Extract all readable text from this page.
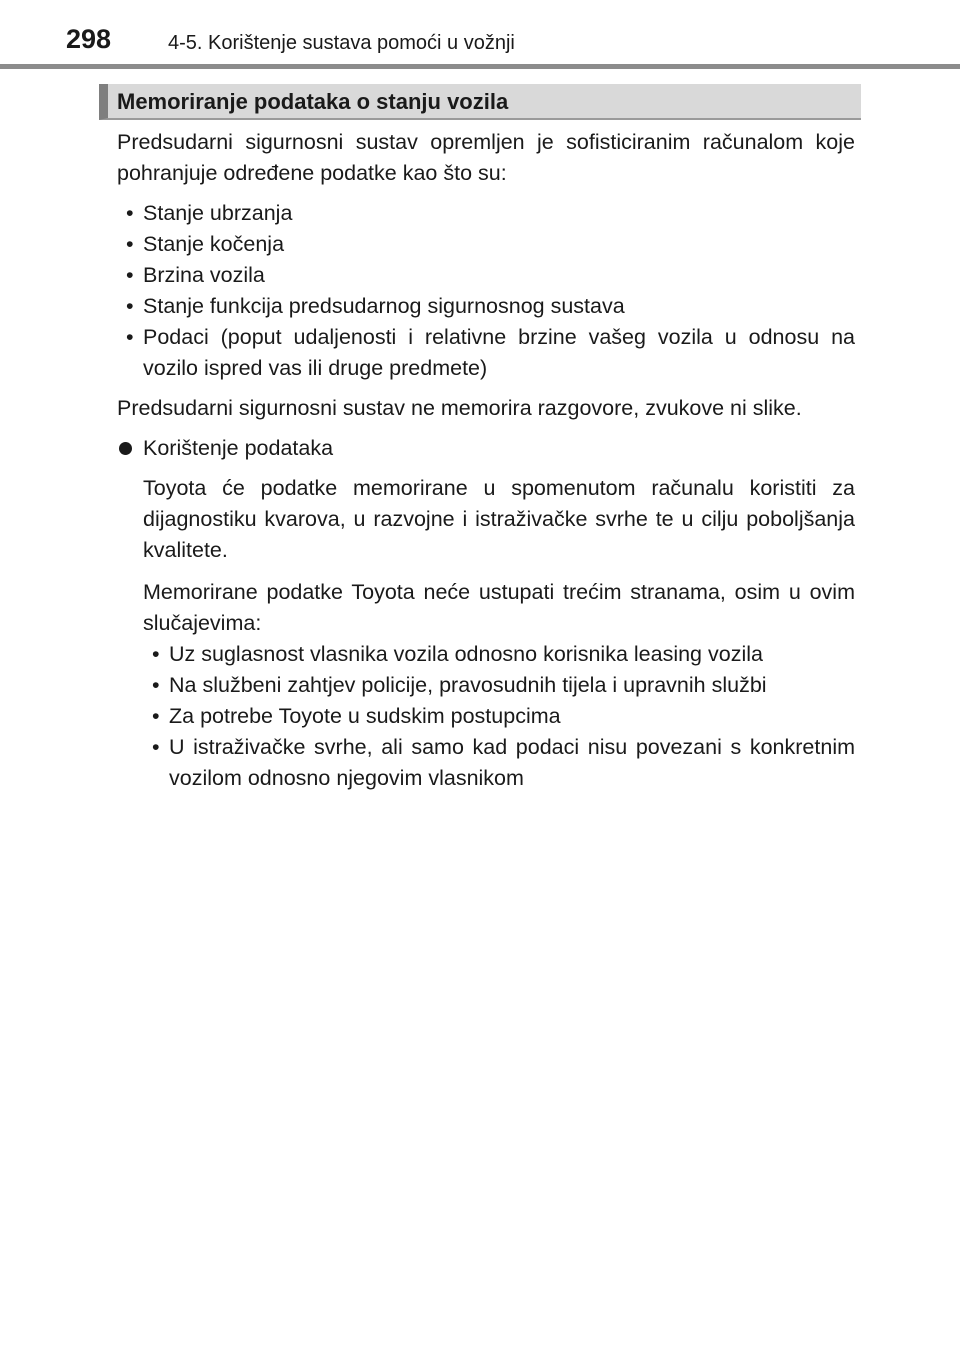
298	4-5. Korištenje sustava pomoći u vožnji
Memoriranje podataka o stanju vozila

Predsudarni sigurnosni sustav opremljen je sofisticiranim računalom koje pohranjuje određene podatke kao što su:

• Stanje ubrzanja
• Stanje kočenja
• Brzina vozila
• Stanje funkcija predsudarnog sigurnosnog sustava
• Podaci (poput udaljenosti i relativne brzine vašeg vozila u odnosu na vozilo ispred vas ili druge predmete)

Predsudarni sigurnosni sustav ne memorira razgovore, zvukove ni slike.

Korištenje podataka

Toyota će podatke memorirane u spomenutom računalu koristiti za dijagnostiku kvarova, u razvojne i istraživačke svrhe te u cilju poboljšanja kvalitete.

Memorirane podatke Toyota neće ustupati trećim stranama, osim u ovim slučajevima:

• Uz suglasnost vlasnika vozila odnosno korisnika leasing vozila
• Na službeni zahtjev policije, pravosudnih tijela i upravnih službi
• Za potrebe Toyote u sudskim postupcima
• U istraživačke svrhe, ali samo kad podaci nisu povezani s konkretnim vozilom odnosno njegovim vlasnikom
